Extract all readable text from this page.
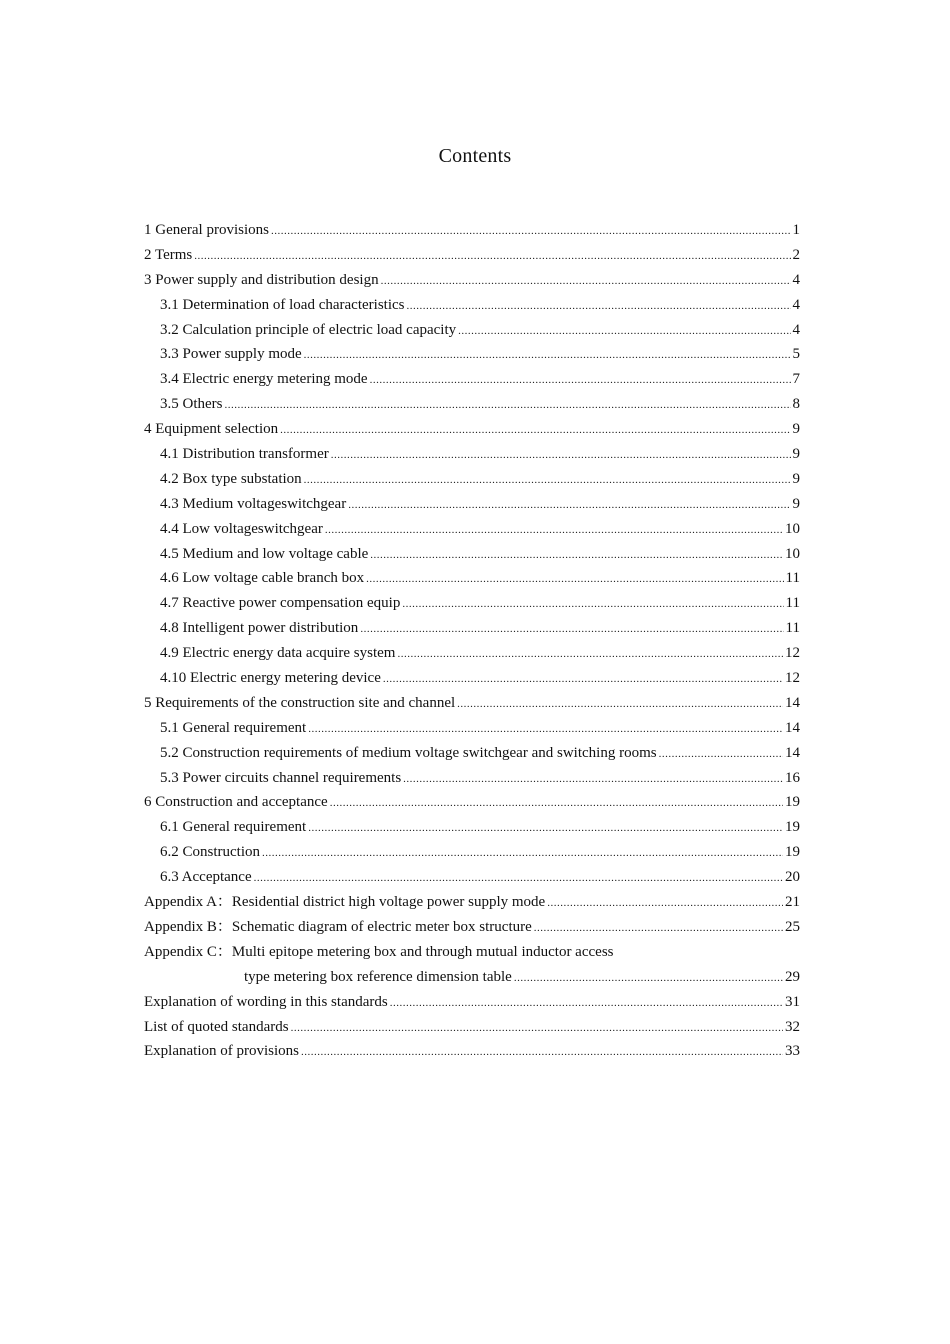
Contents
1 General provisions .....	1
2 Terms .....	2
3 Power supply and distribution design .....	4
3.1 Determination of load characteristics .....	4
3.2 Calculation principle of electric load capacity .....	4
3.3 Power supply mode .....	5
3.4 Electric energy metering mode .....	7
3.5 Others .....	8
4 Equipment selection .....	9
4.1 Distribution transformer .....	9
4.2 Box type substation .....	9
4.3 Medium voltageswitchgear .....	9
4.4 Low voltageswitchgear .....	10
4.5 Medium and low voltage cable .....	10
4.6 Low voltage cable branch box .....	11
4.7 Reactive power compensation equip .....	11
4.8 Intelligent power distribution .....	11
4.9 Electric energy data acquire system .....	12
4.10 Electric energy metering device .....	12
5 Requirements of the construction site and channel .....	14
5.1 General requirement .....	14
5.2 Construction requirements of medium voltage switchgear and switching rooms .....	14
5.3 Power circuits channel requirements .....	16
6 Construction and acceptance .....	19
6.1 General requirement .....	19
6.2 Construction .....	19
6.3 Acceptance .....	20
Appendix A：Residential district high voltage power supply mode .....	21
Appendix B：Schematic diagram of electric meter box structure .....	25
Appendix C：Multi epitope metering box and through mutual inductor access
type metering box reference dimension table .....	29
Explanation of wording in this standards .....	31
List of quoted standards .....	32
Explanation of provisions .....	33
